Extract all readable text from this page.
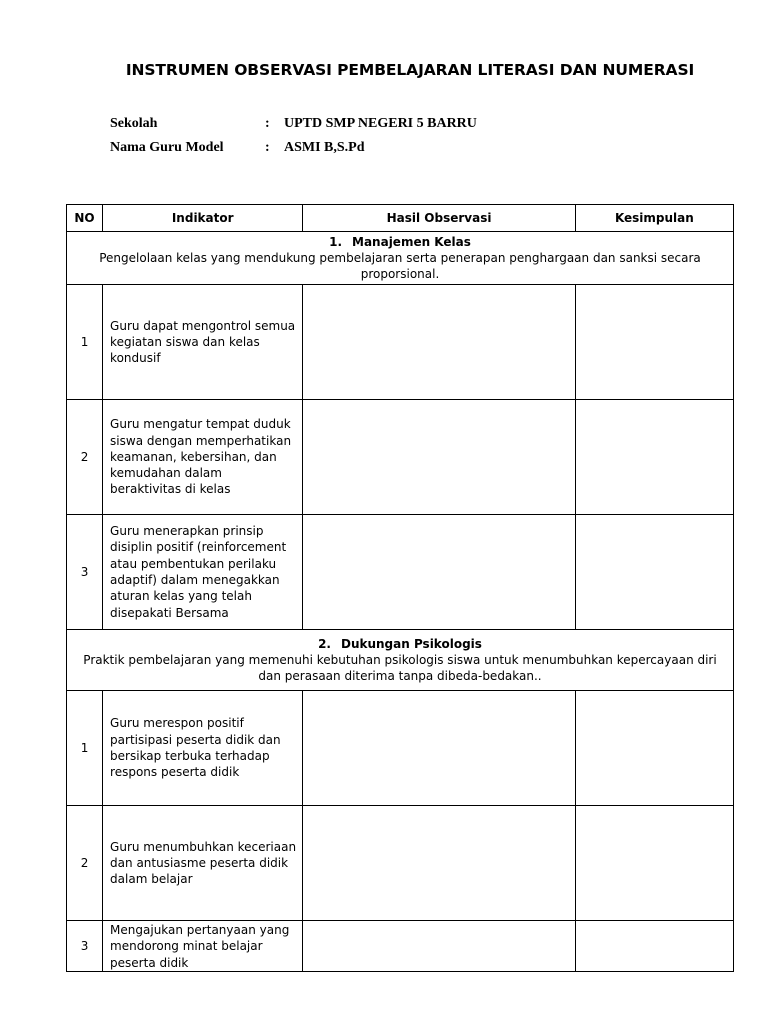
INSTRUMEN OBSERVASI PEMBELAJARAN LITERASI DAN NUMERASI
Sekolah	: UPTD SMP NEGERI 5 BARRU
Nama Guru Model	: ASMI B,S.Pd
NO	Indikator	Hasil Observasi	Kesimpulan

1. Manajemen Kelas
Pengelolaan kelas yang mendukung pembelajaran serta penerapan penghargaan dan sanksi secara proporsional.			

1	Guru dapat mengontrol semua kegiatan siswa dan kelas kondusif		
2	Guru mengatur tempat duduk siswa dengan memperhatikan keamanan, kebersihan, dan kemudahan dalam beraktivitas di kelas		
3	Guru menerapkan prinsip disiplin positif (reinforcement atau pembentukan perilaku adaptif) dalam menegakkan aturan kelas yang telah disepakati Bersama		

2. Dukungan Psikologis
Praktik pembelajaran yang memenuhi kebutuhan psikologis siswa untuk menumbuhkan kepercayaan diri
dan perasaan diterima tanpa dibeda-bedakan..			

1	Guru merespon positif partisipasi peserta didik dan bersikap terbuka terhadap respons peserta didik		
2	Guru menumbuhkan keceriaan dan antusiasme peserta didik dalam belajar		
3	Mengajukan pertanyaan yang mendorong minat belajar peserta didik		
